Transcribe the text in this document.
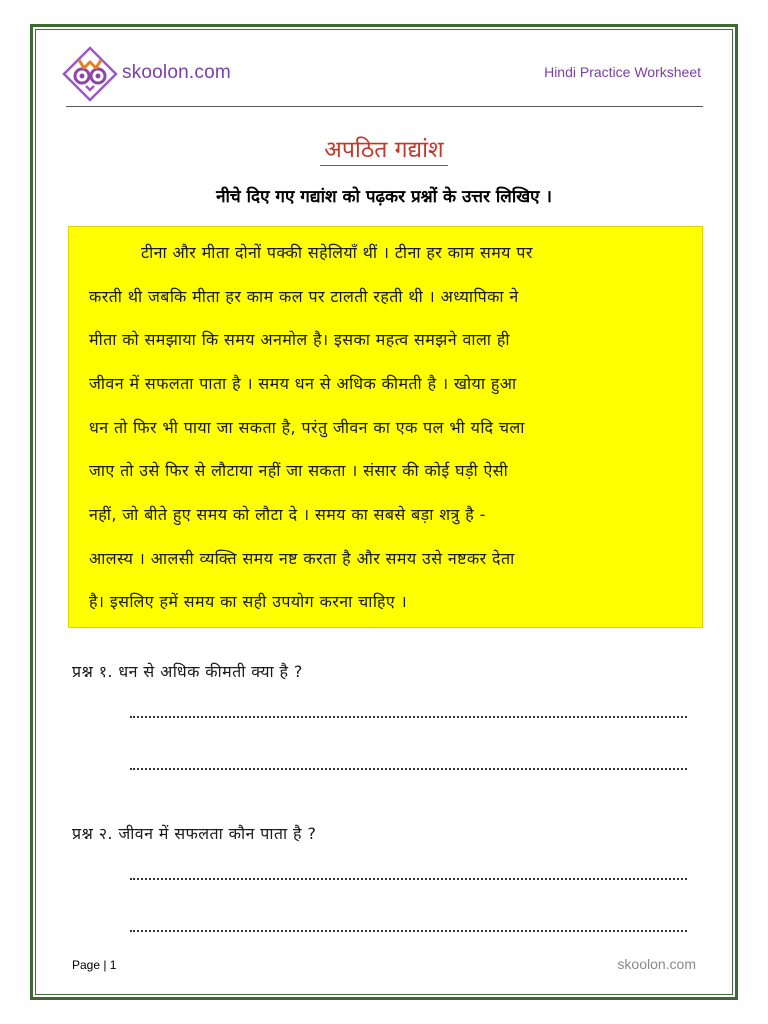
skoolon.com	Hindi Practice Worksheet
अपठित गद्यांश
नीचे दिए गए गद्यांश को पढ़कर प्रश्नों के उत्तर लिखिए ।
टीना और मीता दोनों पक्की सहेलियाँ थीं । टीना हर काम समय पर
करती थी जबकि मीता हर काम कल पर टालती रहती थी । अध्यापिका ने
मीता को समझाया कि समय अनमोल है। इसका महत्व समझने वाला ही
जीवन में सफलता पाता है । समय धन से अधिक कीमती है । खोया हुआ
धन तो फिर भी पाया जा सकता है, परंतु जीवन का एक पल भी यदि चला
जाए तो उसे फिर से लौटाया नहीं जा सकता । संसार की कोई घड़ी ऐसी
नहीं, जो बीते हुए समय को लौटा दे । समय का सबसे बड़ा शत्रु है -
आलस्य । आलसी व्यक्ति समय नष्ट करता है और समय उसे नष्टकर देता
है। इसलिए हमें समय का सही उपयोग करना चाहिए ।
प्रश्न १. धन से अधिक कीमती क्या है ?
प्रश्न २. जीवन में सफलता कौन पाता है ?
Page | 1	skoolon.com
